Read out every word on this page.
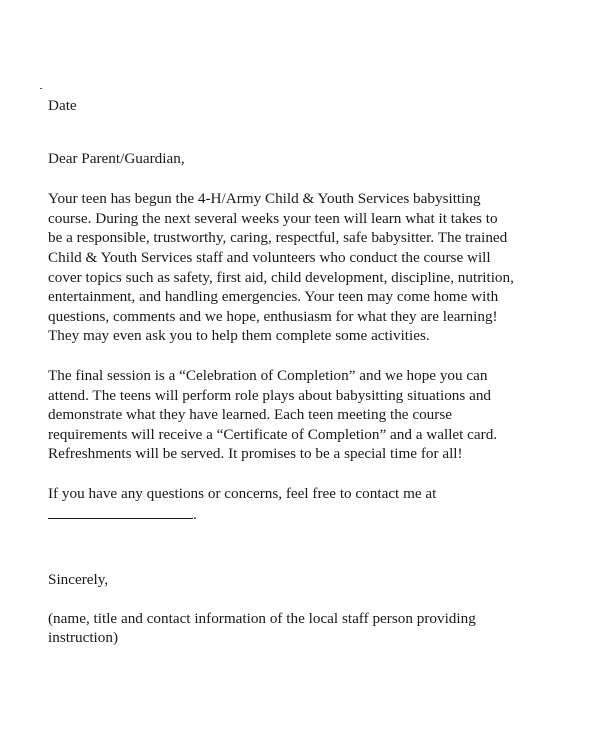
Date
Dear Parent/Guardian,
Your teen has begun the 4-H/Army Child & Youth Services babysitting
course. During the next several weeks your teen will learn what it takes to
be a responsible, trustworthy, caring, respectful, safe babysitter. The trained
Child & Youth Services staff and volunteers who conduct the course will
cover topics such as safety, first aid, child development, discipline, nutrition,
entertainment, and handling emergencies. Your teen may come home with
questions, comments and we hope, enthusiasm for what they are learning!
They may even ask you to help them complete some activities.
The final session is a “Celebration of Completion” and we hope you can
attend. The teens will perform role plays about babysitting situations and
demonstrate what they have learned. Each teen meeting the course
requirements will receive a “Certificate of Completion” and a wallet card.
Refreshments will be served. It promises to be a special time for all!
If you have any questions or concerns, feel free to contact me at
.
Sincerely,
(name, title and contact information of the local staff person providing
instruction)
